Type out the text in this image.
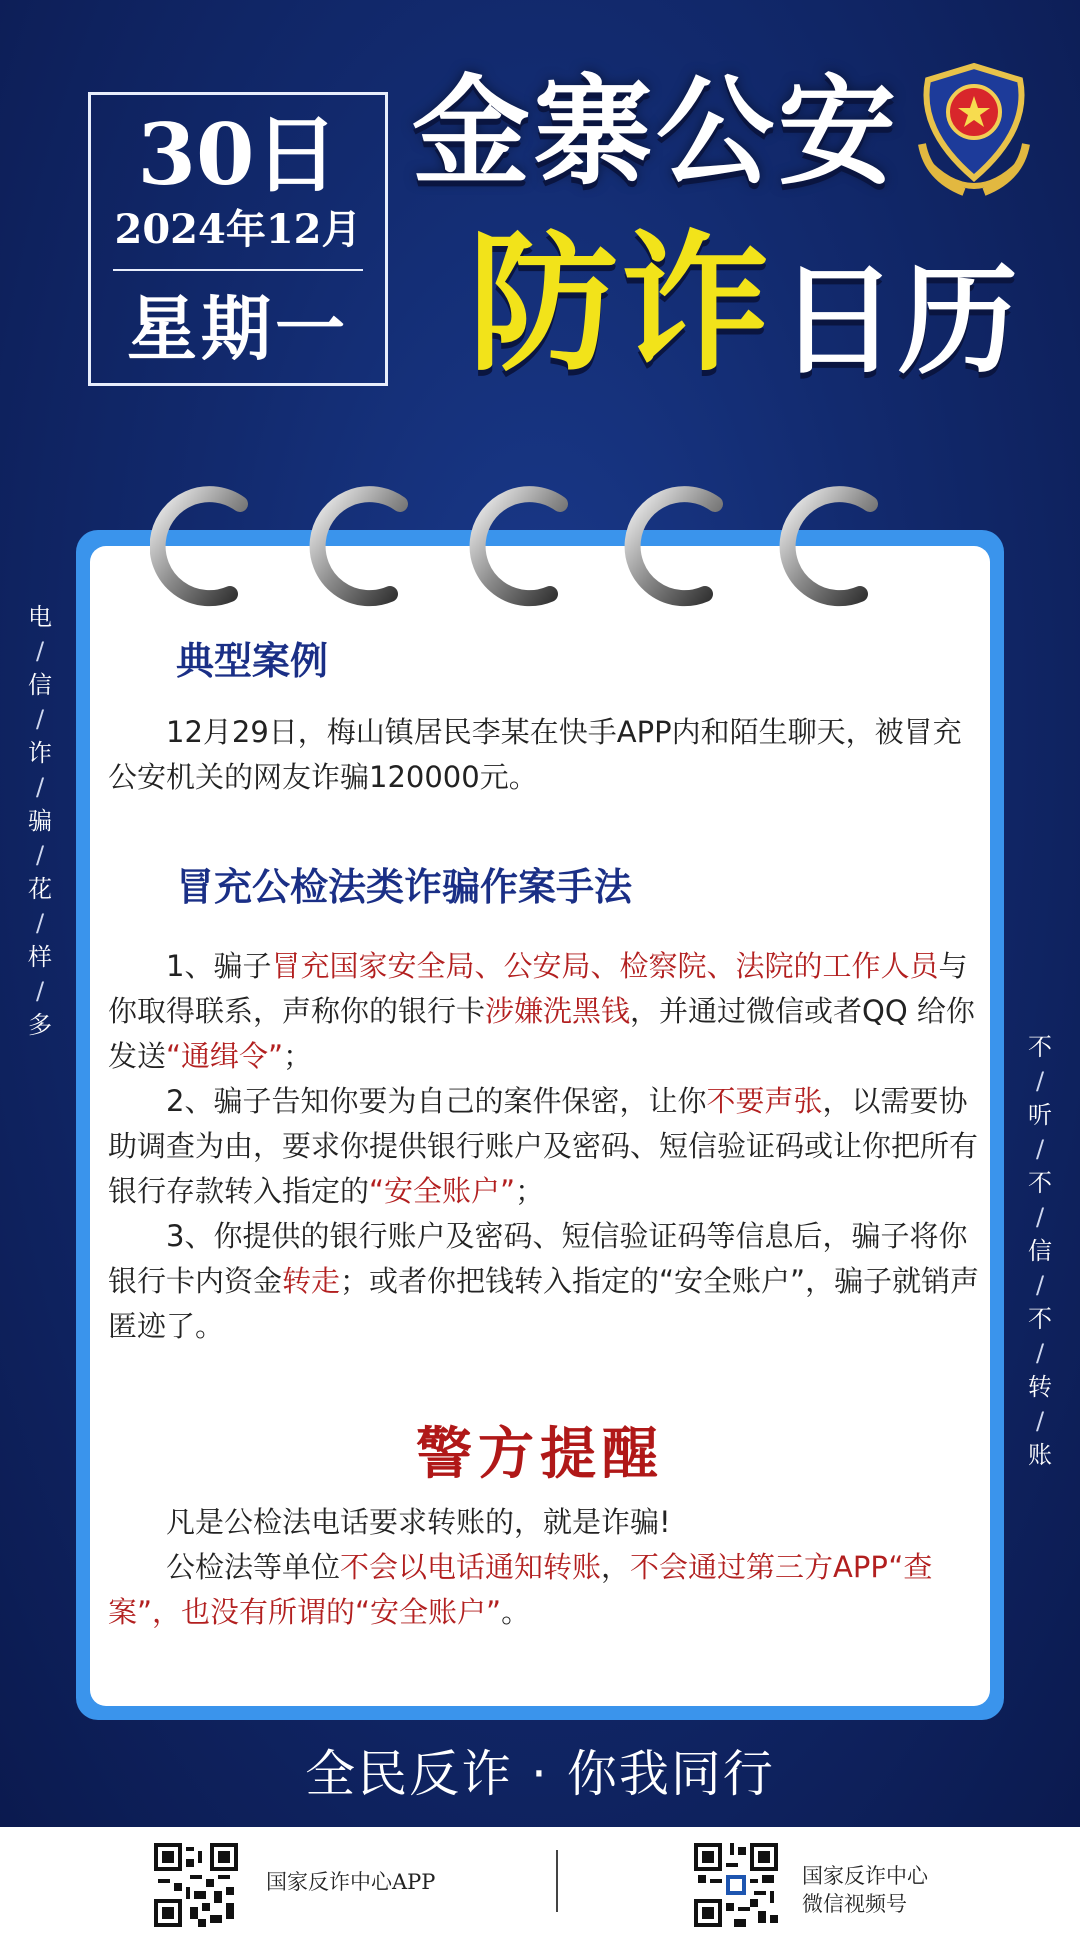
30日
2024年12月
星期一
金寨公安
防诈 日历
电
/
信
/
诈
/
骗
/
花
/
样
/
多
不
/
听
/
不
/
信
/
不
/
转
/
账
典型案例

12月29日，梅山镇居民李某在快手APP内和陌生聊天，被冒充公安机关的网友诈骗120000元。

冒充公检法类诈骗作案手法

1、骗子冒充国家安全局、公安局、检察院、法院的工作人员与你取得联系，声称你的银行卡涉嫌洗黑钱，并通过微信或者QQ 给你发送“通缉令”；

2、骗子告知你要为自己的案件保密，让你不要声张，以需要协助调查为由，要求你提供银行账户及密码、短信验证码或让你把所有银行存款转入指定的“安全账户”；

3、你提供的银行账户及密码、短信验证码等信息后，骗子将你银行卡内资金转走；或者你把钱转入指定的“安全账户”，骗子就销声匿迹了。

警方提醒

凡是公检法电话要求转账的，就是诈骗!

公检法等单位不会以电话通知转账，不会通过第三方APP“查案”，也没有所谓的“安全账户”。

全民反诈 · 你我同行
国家反诈中心APP	国家反诈中心
微信视频号
